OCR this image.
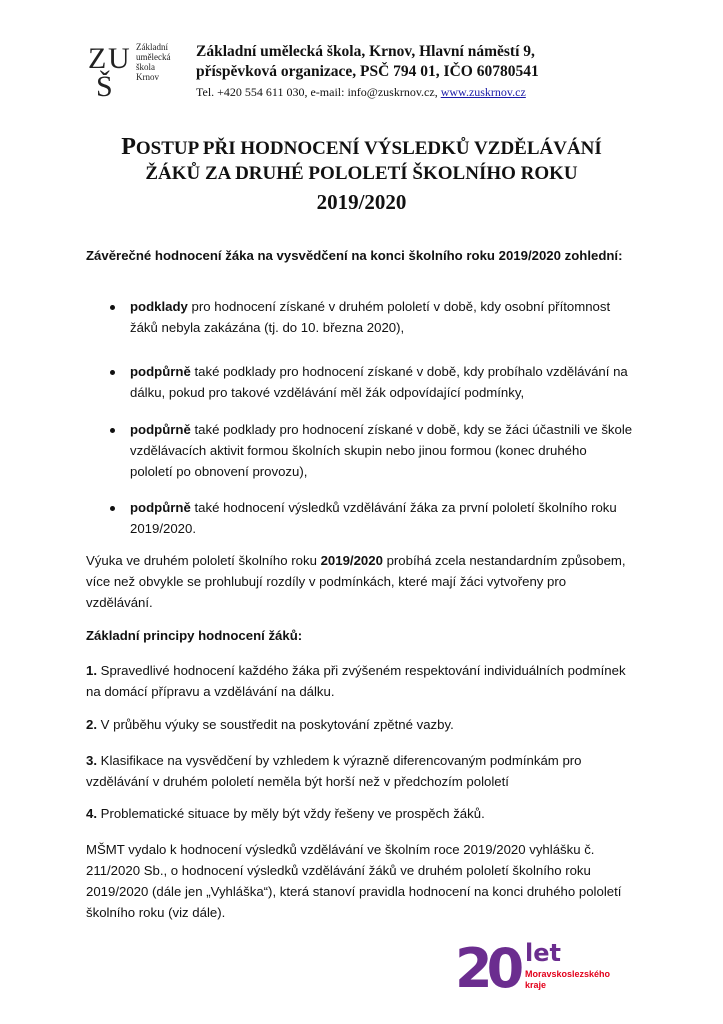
Z U
Š
Základní
umělecká
škola
Krnov
Základní umělecká škola, Krnov, Hlavní náměstí 9,
příspěvková organizace, PSČ 794 01, IČO 60780541
Tel. +420 554 611 030, e-mail: info@zuskrnov.cz, www.zuskrnov.cz
POSTUP PŘI HODNOCENÍ VÝSLEDKŮ VZDĚLÁVÁNÍ
ŽÁKŮ ZA DRUHÉ POLOLETÍ ŠKOLNÍHO ROKU
2019/2020
Závěrečné hodnocení žáka na vysvědčení na konci školního roku 2019/2020 zohlední:
podklady pro hodnocení získané v druhém pololetí v době, kdy osobní přítomnost
žáků nebyla zakázána (tj. do 10. března 2020),
podpůrně také podklady pro hodnocení získané v době, kdy probíhalo vzdělávání na
dálku, pokud pro takové vzdělávání měl žák odpovídající podmínky,
podpůrně také podklady pro hodnocení získané v době, kdy se žáci účastnili ve škole
vzdělávacích aktivit formou školních skupin nebo jinou formou (konec druhého
pololetí po obnovení provozu),
podpůrně také hodnocení výsledků vzdělávání žáka za první pololetí školního roku
2019/2020.
Výuka ve druhém pololetí školního roku 2019/2020 probíhá zcela nestandardním způsobem,
více než obvykle se prohlubují rozdíly v podmínkách, které mají žáci vytvořeny pro
vzdělávání.
Základní principy hodnocení žáků:
1. Spravedlivé hodnocení každého žáka při zvýšeném respektování individuálních podmínek
na domácí přípravu a vzdělávání na dálku.
2. V průběhu výuky se soustředit na poskytování zpětné vazby.
3. Klasifikace na vysvědčení by vzhledem k výrazně diferencovaným podmínkám pro
vzdělávání v druhém pololetí neměla být horší než v předchozím pololetí
4. Problematické situace by měly být vždy řešeny ve prospěch žáků.
MŠMT vydalo k hodnocení výsledků vzdělávání ve školním roce 2019/2020 vyhlášku č.
211/2020 Sb., o hodnocení výsledků vzdělávání žáků ve druhém pololetí školního roku
2019/2020 (dále jen „Vyhláška“), která stanoví pravidla hodnocení na konci druhého pololetí
školního roku (viz dále).
20 let
Moravskoslezského
kraje
